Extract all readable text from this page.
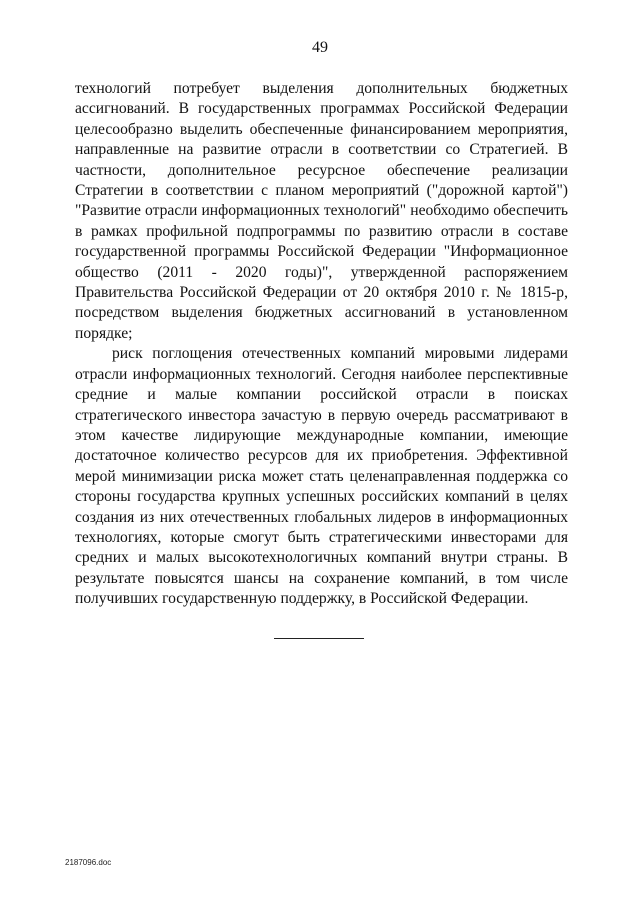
49

технологий потребует выделения дополнительных бюджетных ассигнований. В государственных программах Российской Федерации целесообразно выделить обеспеченные финансированием мероприятия, направленные на развитие отрасли в соответствии со Стратегией. В частности, дополнительное ресурсное обеспечение реализации Стратегии в соответствии с планом мероприятий ("дорожной картой") "Развитие отрасли информационных технологий" необходимо обеспечить в рамках профильной подпрограммы по развитию отрасли в составе государственной программы Российской Федерации "Информационное общество (2011 - 2020 годы)", утвержденной распоряжением Правительства Российской Федерации от 20 октября 2010 г. № 1815-р, посредством выделения бюджетных ассигнований в установленном порядке;

риск поглощения отечественных компаний мировыми лидерами отрасли информационных технологий. Сегодня наиболее перспективные средние и малые компании российской отрасли в поисках стратегического инвестора зачастую в первую очередь рассматривают в этом качестве лидирующие международные компании, имеющие достаточное количество ресурсов для их приобретения. Эффективной мерой минимизации риска может стать целенаправленная поддержка со стороны государства крупных успешных российских компаний в целях создания из них отечественных глобальных лидеров в информационных технологиях, которые смогут быть стратегическими инвесторами для средних и малых высокотехнологичных компаний внутри страны. В результате повысятся шансы на сохранение компаний, в том числе получивших государственную поддержку, в Российской Федерации.

2187096.doc
